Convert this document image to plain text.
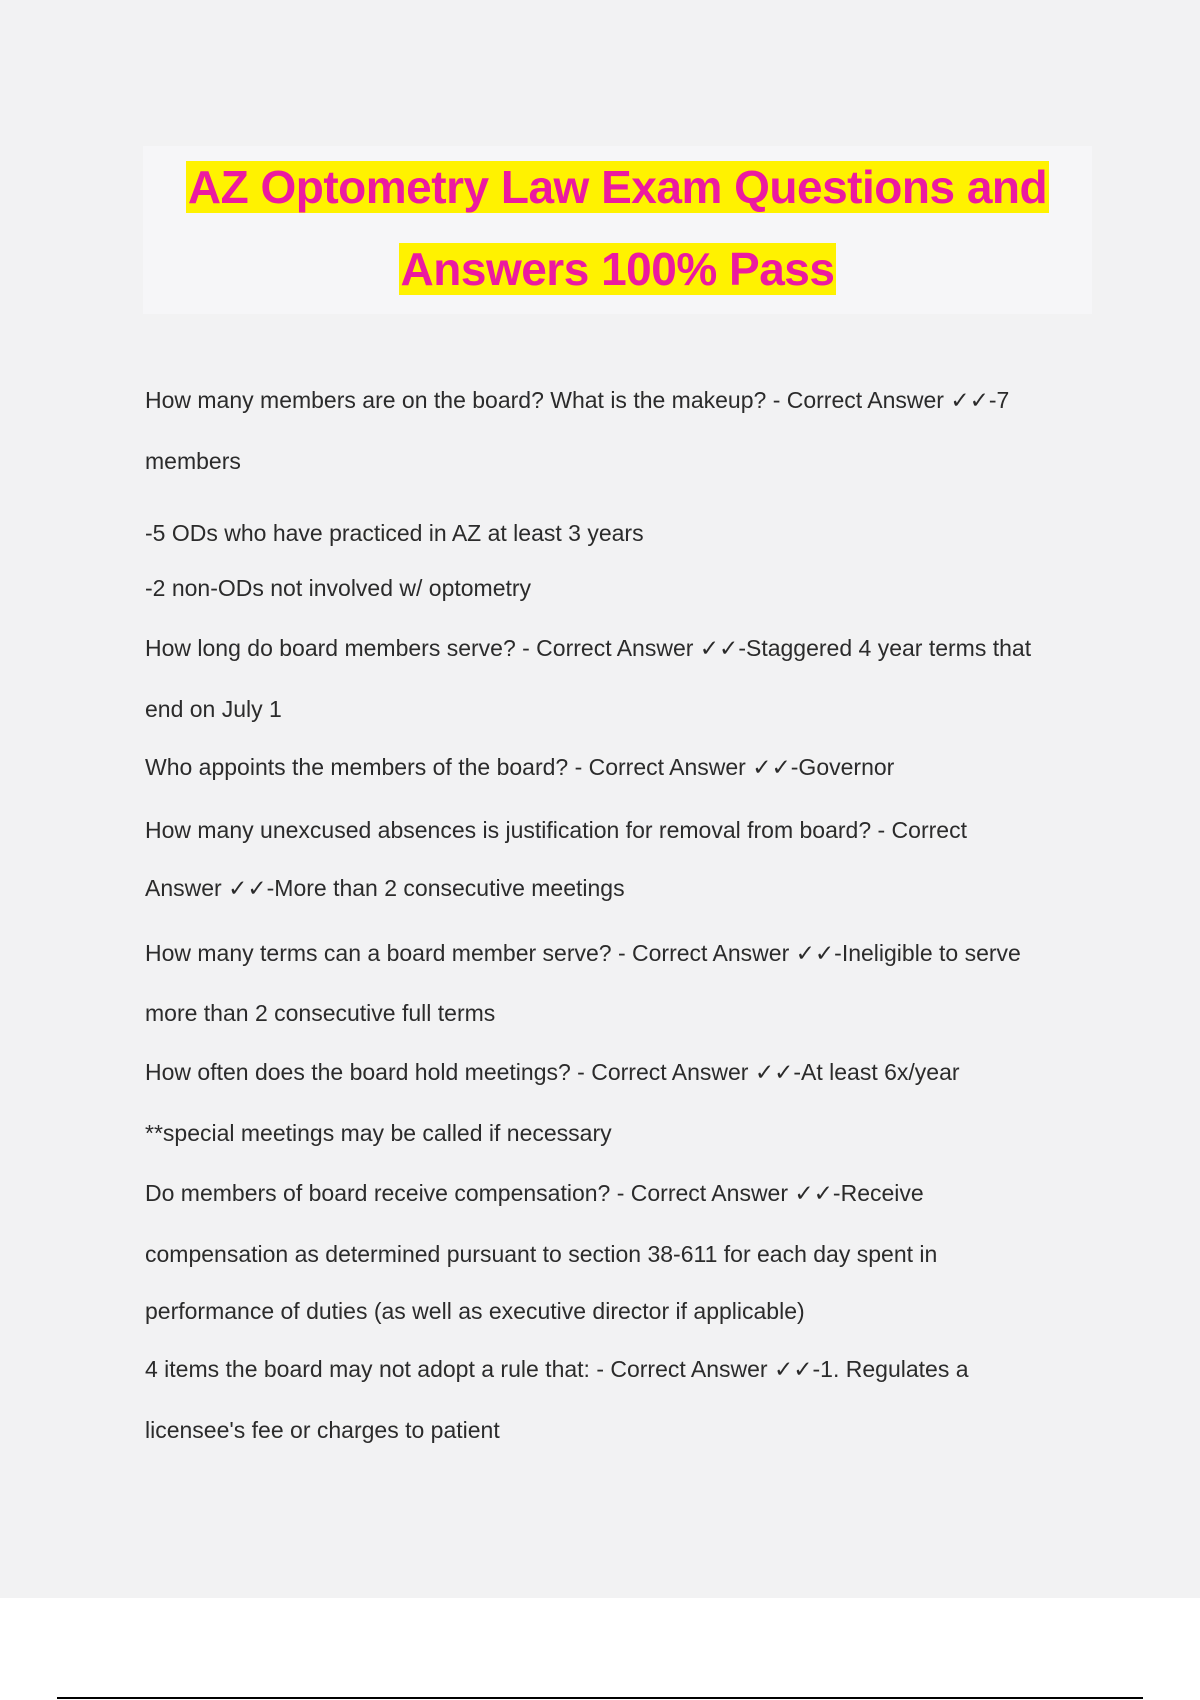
AZ Optometry Law Exam Questions and
Answers 100% Pass
How many members are on the board? What is the makeup? - Correct Answer ✓✓-7
members
-5 ODs who have practiced in AZ at least 3 years
-2 non-ODs not involved w/ optometry
How long do board members serve? - Correct Answer ✓✓-Staggered 4 year terms that
end on July 1
Who appoints the members of the board? - Correct Answer ✓✓-Governor
How many unexcused absences is justification for removal from board? - Correct
Answer ✓✓-More than 2 consecutive meetings
How many terms can a board member serve? - Correct Answer ✓✓-Ineligible to serve
more than 2 consecutive full terms
How often does the board hold meetings? - Correct Answer ✓✓-At least 6x/year
**special meetings may be called if necessary
Do members of board receive compensation? - Correct Answer ✓✓-Receive
compensation as determined pursuant to section 38-611 for each day spent in
performance of duties (as well as executive director if applicable)
4 items the board may not adopt a rule that: - Correct Answer ✓✓-1. Regulates a
licensee's fee or charges to patient
